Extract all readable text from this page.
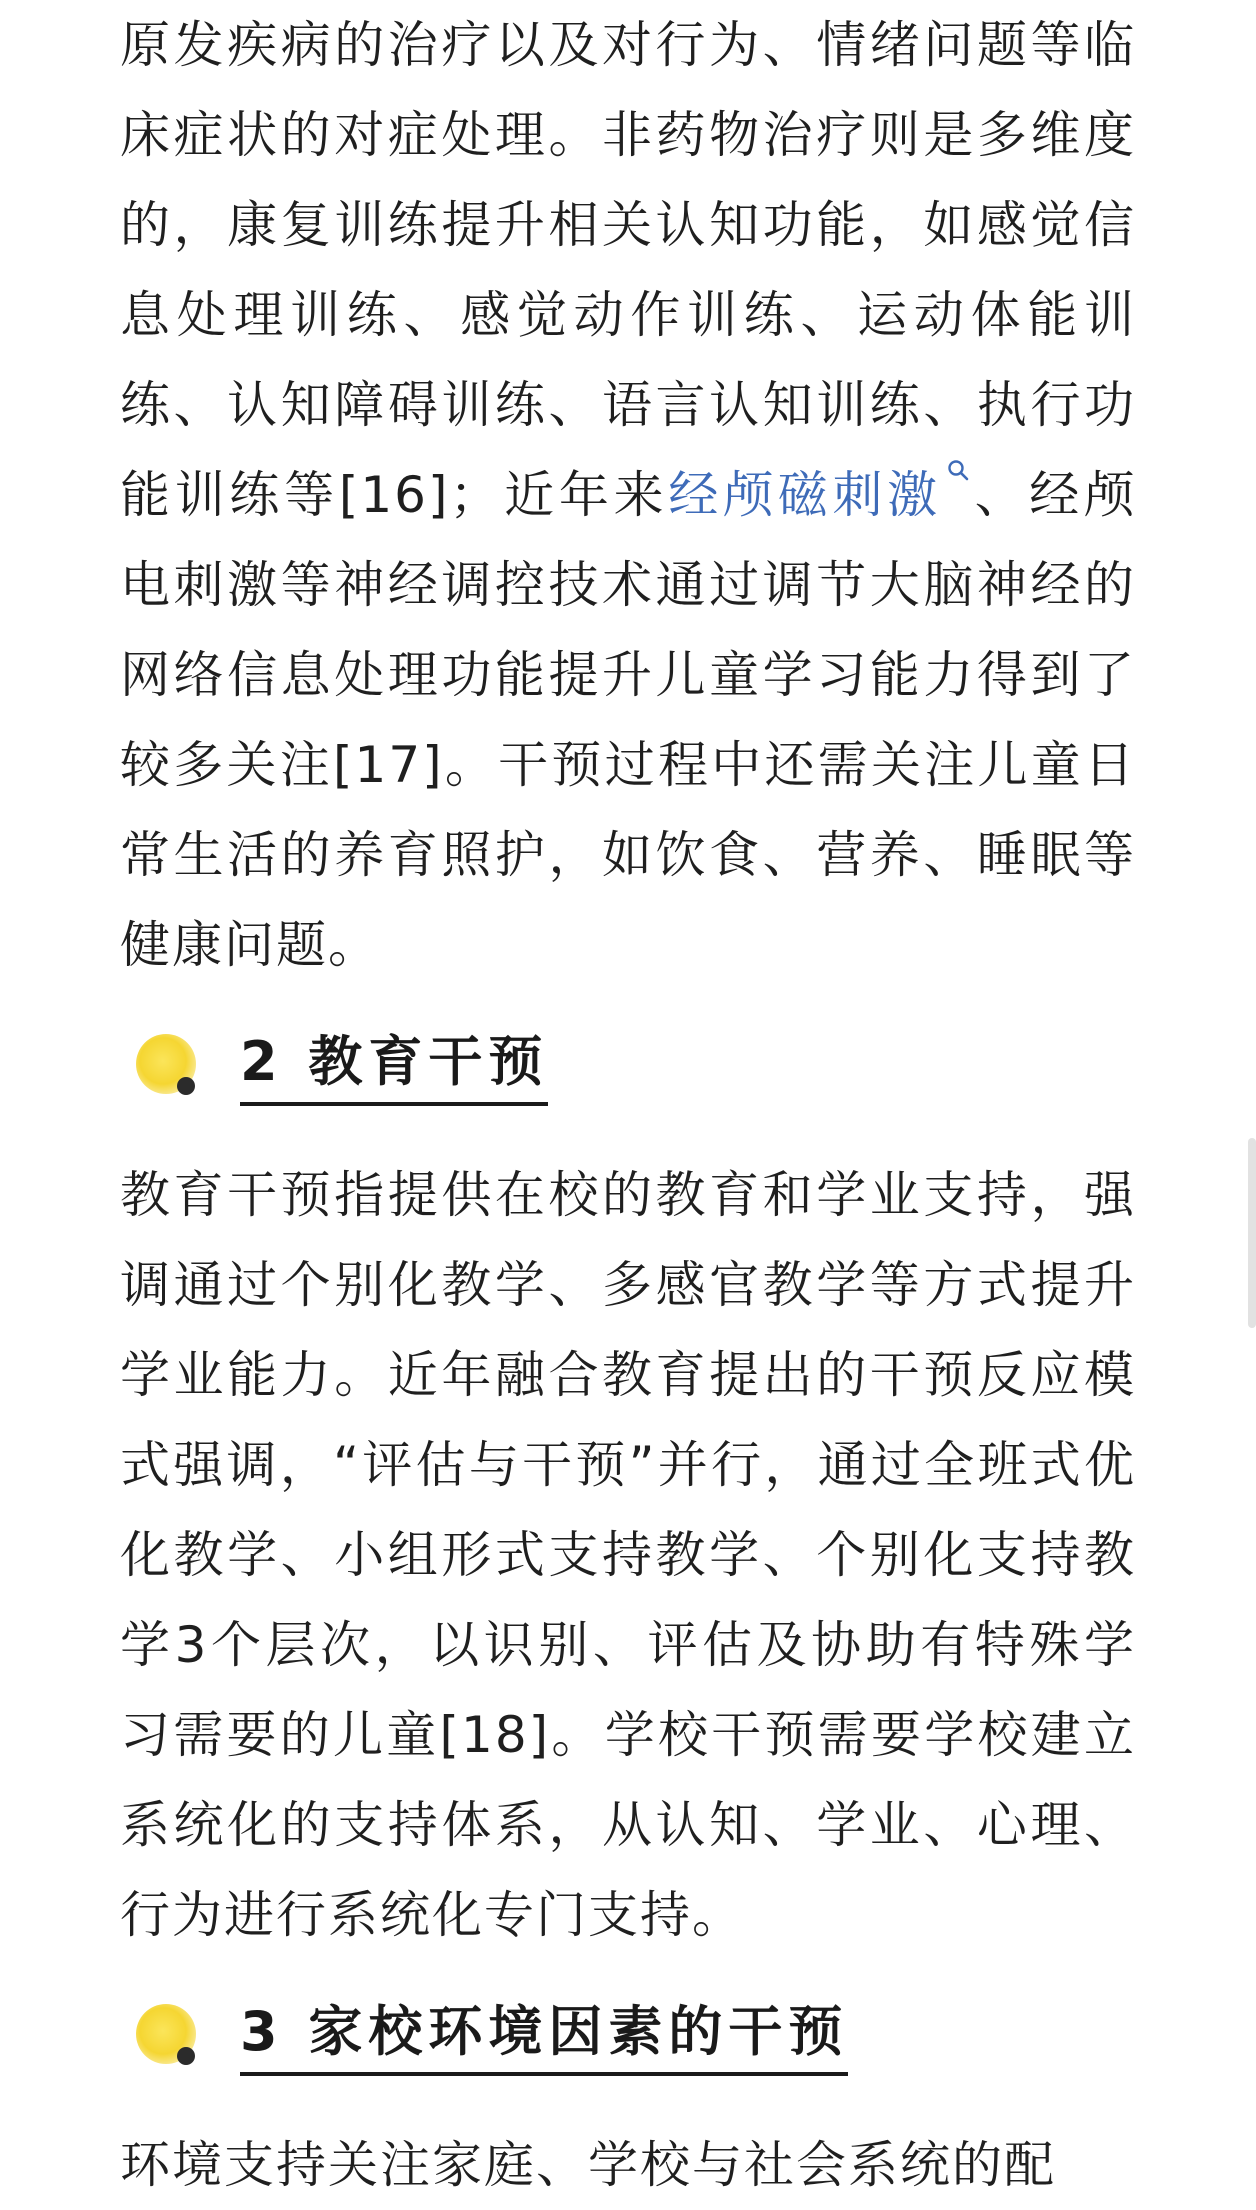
原发疾病的治疗以及对行为、情绪问题等临床症状的对症处理。非药物治疗则是多维度的，康复训练提升相关认知功能，如感觉信息处理训练、感觉动作训练、运动体能训练、认知障碍训练、语言认知训练、执行功能训练等[16]；近年来经颅磁刺激 、经颅电刺激等神经调控技术通过调节大脑神经的网络信息处理功能提升儿童学习能力得到了较多关注[17]。干预过程中还需关注儿童日常生活的养育照护，如饮食、营养、睡眠等健康问题。

2 教育干预

教育干预指提供在校的教育和学业支持，强调通过个别化教学、多感官教学等方式提升学业能力。近年融合教育提出的干预反应模式强调，“评估与干预”并行，通过全班式优化教学、小组形式支持教学、个别化支持教学3个层次，以识别、评估及协助有特殊学习需要的儿童[18]。学校干预需要学校建立系统化的支持体系，从认知、学业、心理、行为进行系统化专门支持。

3 家校环境因素的干预

环境支持关注家庭、学校与社会系统的配
